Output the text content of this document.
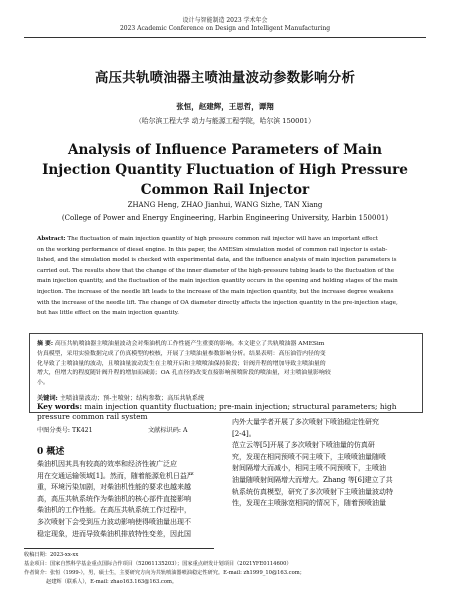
设计与智能制造 2023 学术年会
2023 Academic Conference on Design and Intelligent Manufacturing
高压共轨喷油器主喷油量波动参数影响分析
张恒，赵建辉，王思哲，谭翔
（哈尔滨工程大学 动力与能源工程学院，哈尔滨 150001）
Analysis of Influence Parameters of Main
Injection Quantity Fluctuation of High Pressure
Common Rail Injector
ZHANG Heng, ZHAO Jianhui, WANG Sizhe, TAN Xiang
(College of Power and Energy Engineering, Harbin Engineering University, Harbin 150001)
Abstract: The fluctuation of main injection quantity of high pressure common rail injector will have an important effect
on the working performance of diesel engine. In this paper, the AMESim simulation model of common rail injector is estab-
lished, and the simulation model is checked with experimental data, and the influence analysis of main injection parameters is
carried out. The results show that the change of the inner diameter of the high-pressure tubing leads to the fluctuation of the
main injection quantity, and the fluctuation of the main injection quantity occurs in the opening and holding stages of the main
injection. The increase of the needle lift leads to the increase of the main injection quantity, but the increase degree weakens
with the increase of the needle lift. The change of OA diameter directly affects the injection quantity in the pre-injection stage,
but has little effect on the main injection quantity.
摘 要: 高压共轨喷油器主喷油量波动会对柴油机的工作性能产生重要的影响。本文建立了共轨喷油器 AMESim
仿真模型，采用实验数据完成了仿真模型的校核，开展了主喷油量参数影响分析。结果表明：高压油管内径的变
化导致了主喷油量的波动，且喷油量波动发生在主喷开启和主喷喷油保持阶段；针阀升程的增加导致主喷油量的
增大，但增大的程度随针阀升程的增加而减弱；OA 孔直径的改变直接影响预喷阶段的喷油量，对主喷油量影响较
小。
关键词: 主喷油量波动；预-主喷射；结构参数；高压共轨系统
Key words: main injection quantity fluctuation; pre-main injection; structural parameters; high pressure common rail system
中图分类号: TK421	文献标识码: A
0 概述
柴油机因其具有较高的效率和经济性被广泛应
用在交通运输领域[1]。然而，随着能源危机日益严
重，环境污染加剧，对柴油机性能的要求也越来越
高，高压共轨系统作为柴油机的核心部件直接影响
柴油机的工作性能。在高压共轨系统工作过程中，
多次喷射下会受到压力波动影响使得喷油量出现不
稳定现象，进而导致柴油机排放特性变差，因此国
内外大量学者开展了多次喷射下喷油稳定性研究
[2-4]。
范立云等[5]开展了多次喷射下喷油量的仿真研
究，发现在相同预喷不同主喷下，主喷喷油量随喷
射间隔增大而减小，相同主喷不同预喷下，主喷油
油量随喷射间隔增大而增大。Zhang 等[6]建立了共
轨系统仿真模型，研究了多次喷射下主喷油量波动特
性，发现在主喷脉宽相同的情况下，随着预喷油量
收稿日期：2023-xx-xx
基金项目：国家自然科学基金重点国际合作项目（52061135203）；国家重点研发计划项目（2021YFE0114600）
作者简介：张恒（1999-），男，硕士生，主要研究方向为共轨喷油器喷油稳定性研究。E-mail: zh1999_10@163.com；
赵建辉（联系人），E-mail: zhao163.163@163.com。
